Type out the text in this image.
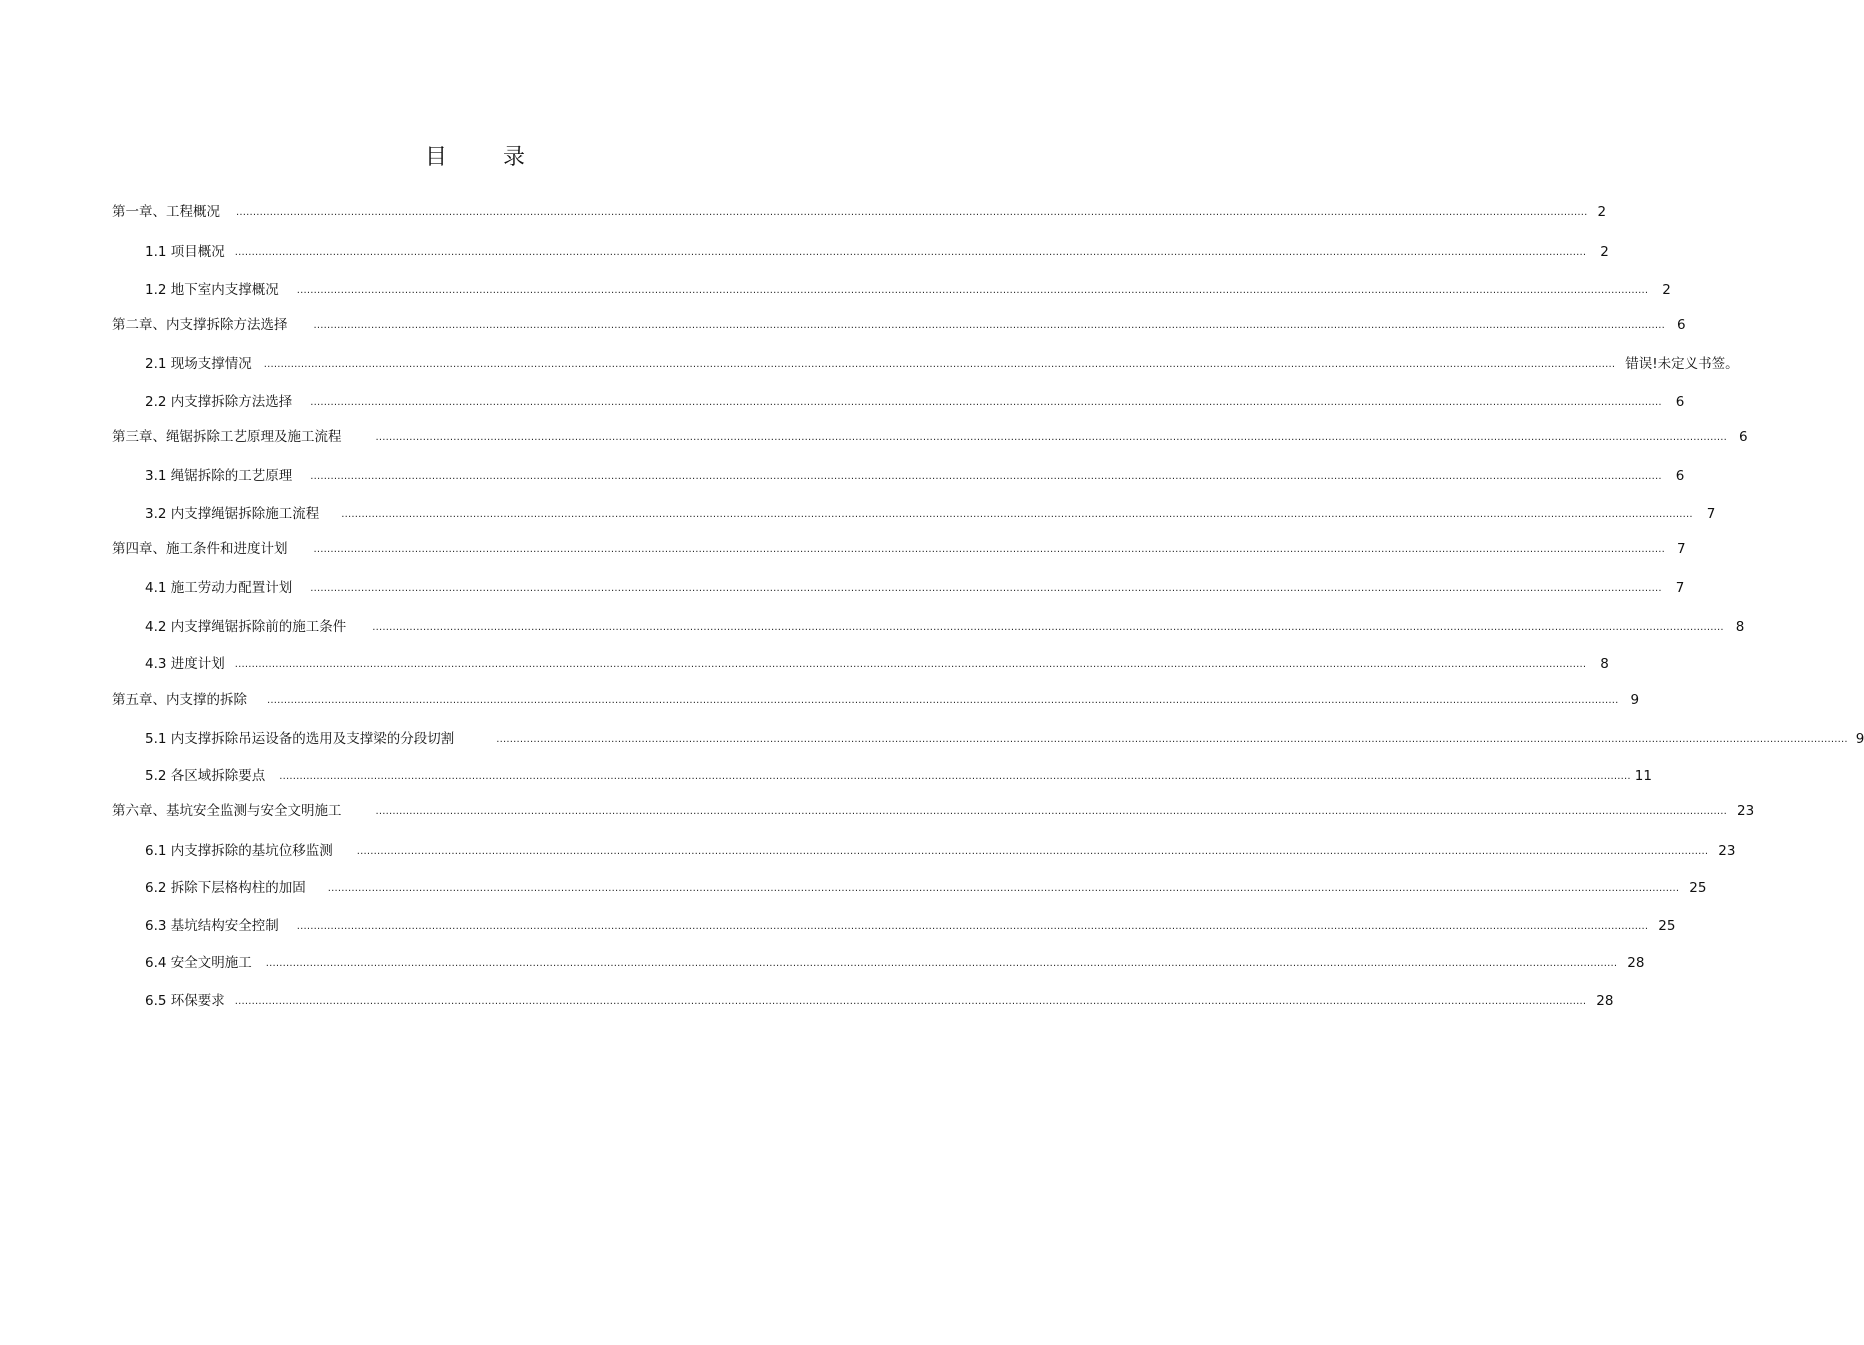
目	录
第一章、工程概况 ................................................................................................................................................................................................................................................................................................................................................................................................................ 2
1.1 项目概况 ................................................................................................................................................................................................................................................................................................................................................................................................................ 2
1.2 地下室内支撑概况 ................................................................................................................................................................................................................................................................................................................................................................................................................ 2
第二章、内支撑拆除方法选择	................................................................................................................................................................................................................................................................................................................................................................................................................ 6
2.1 现场支撑情况 ................................................................................................................................................................................................................................................................................................................................................................................................................ 错误!未定义书签。
2.2 内支撑拆除方法选择 ................................................................................................................................................................................................................................................................................................................................................................................................................ 6
第三章、绳锯拆除工艺原理及施工流程	................................................................................................................................................................................................................................................................................................................................................................................................................ 6
3.1 绳锯拆除的工艺原理 ................................................................................................................................................................................................................................................................................................................................................................................................................ 6
3.2 内支撑绳锯拆除施工流程 ................................................................................................................................................................................................................................................................................................................................................................................................................ 7
第四章、施工条件和进度计划	................................................................................................................................................................................................................................................................................................................................................................................................................ 7
4.1 施工劳动力配置计划 ................................................................................................................................................................................................................................................................................................................................................................................................................ 7
4.2 内支撑绳锯拆除前的施工条件	................................................................................................................................................................................................................................................................................................................................................................................................................ 8
4.3 进度计划 ................................................................................................................................................................................................................................................................................................................................................................................................................ 8
第五章、内支撑的拆除 ................................................................................................................................................................................................................................................................................................................................................................................................................ 9
5.1 内支撑拆除吊运设备的选用及支撑梁的分段切割	................................................................................................................................................................................................................................................................................................................................................................................................................ 9
5.2 各区域拆除要点 ................................................................................................................................................................................................................................................................................................................................................................................................................ 11
第六章、基坑安全监测与安全文明施工	................................................................................................................................................................................................................................................................................................................................................................................................................ 23
6.1 内支撑拆除的基坑位移监测 ................................................................................................................................................................................................................................................................................................................................................................................................................ 23
6.2 拆除下层格构柱的加固 ................................................................................................................................................................................................................................................................................................................................................................................................................ 25
6.3 基坑结构安全控制 ................................................................................................................................................................................................................................................................................................................................................................................................................ 25
6.4 安全文明施工 ................................................................................................................................................................................................................................................................................................................................................................................................................ 28
6.5 环保要求 ................................................................................................................................................................................................................................................................................................................................................................................................................ 28
